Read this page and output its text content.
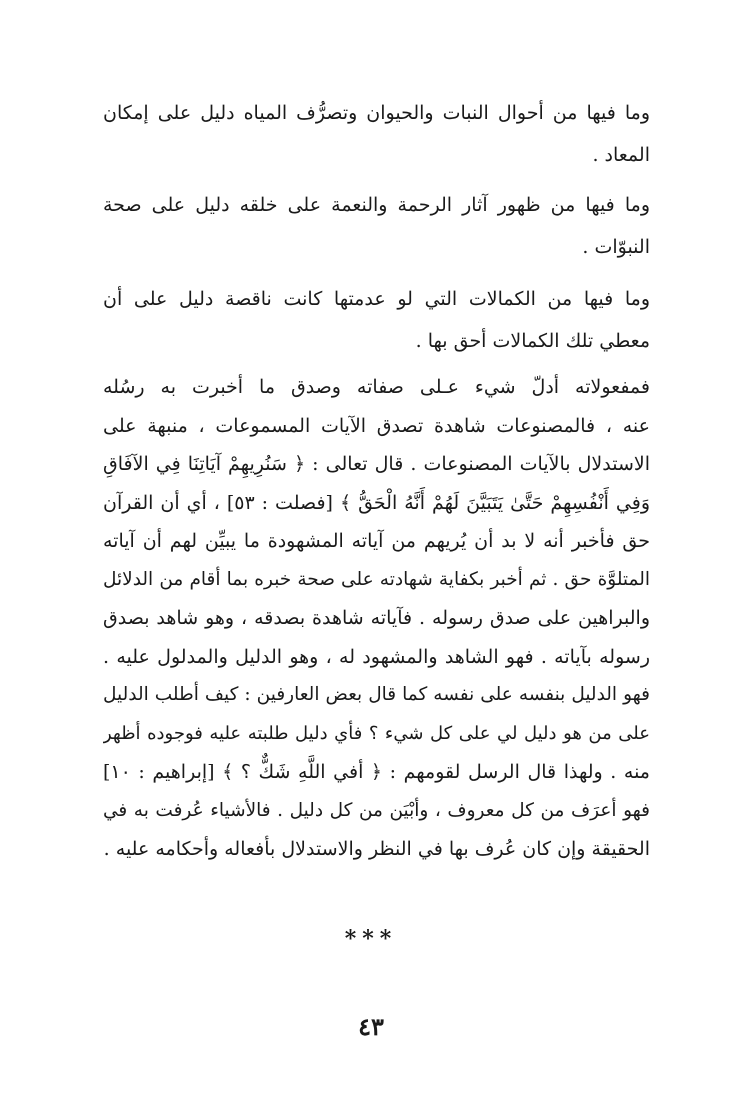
وما فيها من أحوال النبات والحيوان وتصرُّف المياه دليل على إمكان
المعاد .
وما فيها من ظهور آثار الرحمة والنعمة على خلقه دليل على صحة
النبوّات .
وما فيها من الكمالات التي لو عدمتها كانت ناقصة دليل على أن
معطي تلك الكمالات أحق بها .
فمفعولاته أدلّ شيء عـلى صفاته وصدق ما أخبرت به رسُله
عنه ، فالمصنوعات شاهدة تصدق الآيات المسموعات ، منبهة على
الاستدلال بالآيات المصنوعات . قال تعالى : ﴿ سَنُرِيهِمْ آيَاتِنَا فِي الآفَاقِ
وَفِي أَنْفُسِهِمْ حَتَّىٰ يَتَبَيَّنَ لَهُمْ أَنَّهُ الْحَقُّ ﴾ [فصلت : ٥٣] ، أي أن القرآن
حق فأخبر أنه لا بد أن يُريهم من آياته المشهودة ما يبيِّن لهم أن آياته
المتلوَّة حق . ثم أخبر بكفاية شهادته على صحة خبره بما أقام من الدلائل
والبراهين على صدق رسوله . فآياته شاهدة بصدقه ، وهو شاهد بصدق
رسوله بآياته . فهو الشاهد والمشهود له ، وهو الدليل والمدلول عليه .
فهو الدليل بنفسه على نفسه كما قال بعض العارفين : كيف أطلب الدليل
على من هو دليل لي على كل شيء ؟ فأي دليل طلبته عليه فوجوده أظهر
منه . ولهذا قال الرسل لقومهم : ﴿ أفي اللَّهِ شَكٌّ ؟ ﴾ [إبراهيم : ١٠]
فهو أعرَف من كل معروف ، وأبْيَن من كل دليل . فالأشياء عُرفت به في
الحقيقة وإن كان عُرف بها في النظر والاستدلال بأفعاله وأحكامه عليه .
***
٤٣
